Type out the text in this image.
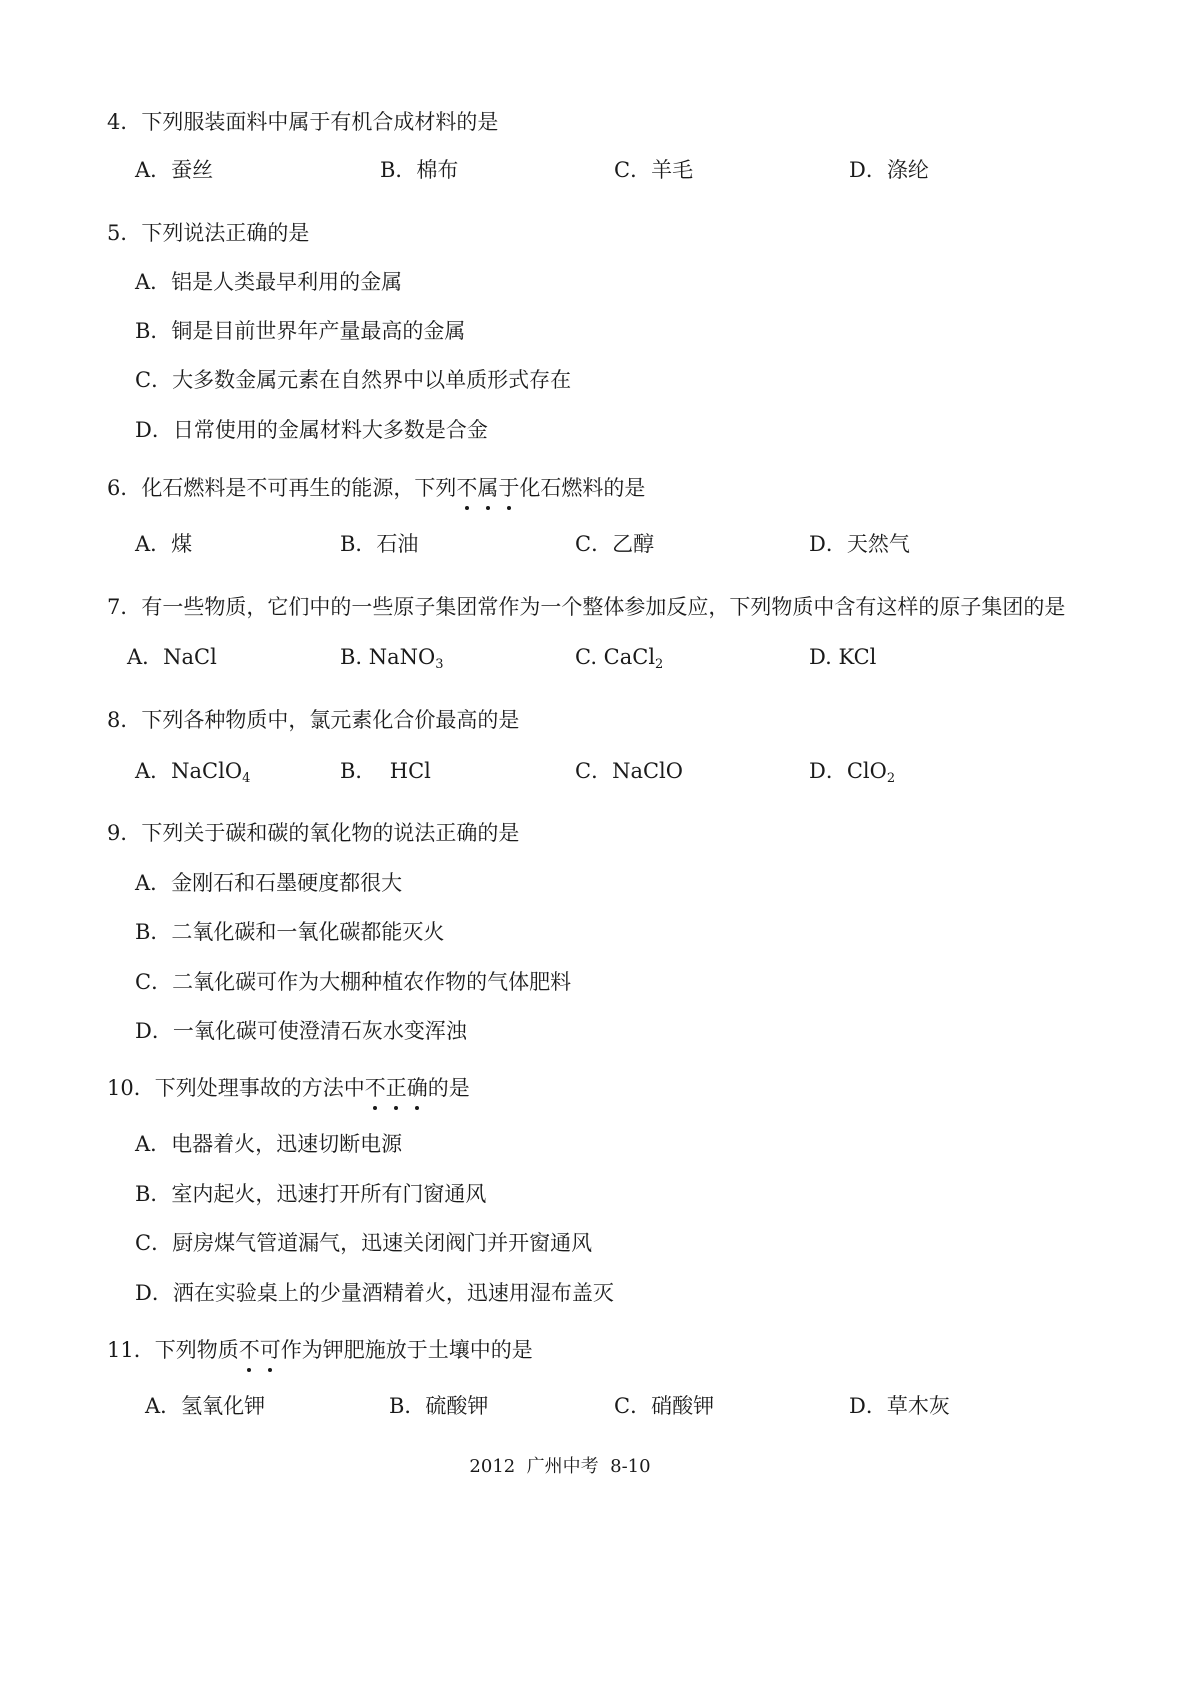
4．下列服装面料中属于有机合成材料的是
A．蚕丝	B．棉布	C．羊毛	D．涤纶
5．下列说法正确的是
A．铝是人类最早利用的金属
B．铜是目前世界年产量最高的金属
C．大多数金属元素在自然界中以单质形式存在
D．日常使用的金属材料大多数是合金
6．化石燃料是不可再生的能源，下列不属于化石燃料的是
A．煤	B．石油	C．乙醇	D．天然气
7．有一些物质，它们中的一些原子集团常作为一个整体参加反应，下列物质中含有这样的原子集团的是
A．NaCl	B. NaNO$_3$	C. CaCl$_2$	D. KCl
8．下列各种物质中，氯元素化合价最高的是
A．NaClO$_4$	B．  HCl	C．NaClO	D．ClO$_2$
9．下列关于碳和碳的氧化物的说法正确的是
A．金刚石和石墨硬度都很大
B．二氧化碳和一氧化碳都能灭火
C．二氧化碳可作为大棚种植农作物的气体肥料
D．一氧化碳可使澄清石灰水变浑浊
10．下列处理事故的方法中不正确的是
A．电器着火，迅速切断电源
B．室内起火，迅速打开所有门窗通风
C．厨房煤气管道漏气，迅速关闭阀门并开窗通风
D．洒在实验桌上的少量酒精着火，迅速用湿布盖灭
11．下列物质不可作为钾肥施放于土壤中的是
A．氢氧化钾	B．硫酸钾	C．硝酸钾	D．草木灰
2012  广州中考  8-10
